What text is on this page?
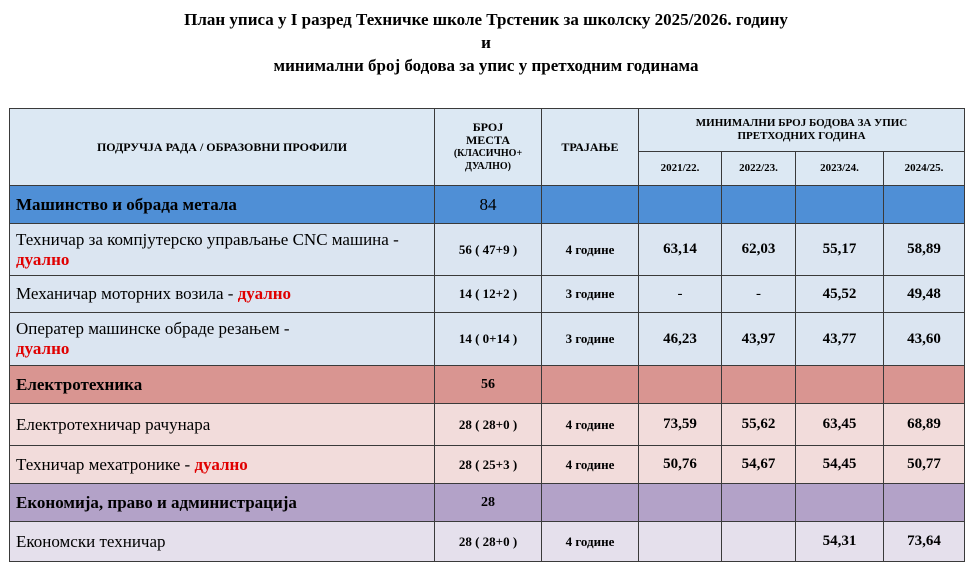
План уписа у I разред Техничке школе Трстеник за школску 2025/2026. годину
и
минимални број бодова за упис у претходним годинама
ПОДРУЧЈА РАДА / ОБРАЗОВНИ ПРОФИЛИ	БРОЈ
МЕСТА
(КЛАСИЧНО+
ДУАЛНО)	ТРАЈАЊЕ	МИНИМАЛНИ БРОЈ БОДОВА ЗА УПИС ПРЕТХОДНИХ ГОДИНА			
			2021/22.	2022/23.	2023/24.	2024/25.
Машинство и обрада метала	84					
Техничар за компјутерско управљање CNC машина - дуално	56 ( 47+9 )	4 године	63,14	62,03	55,17	58,89
Механичар моторних возила - дуално	14 ( 12+2 )	3 године	-	-	45,52	49,48
Оператер машинске обраде резањем -
дуално	14 ( 0+14 )	3 године	46,23	43,97	43,77	43,60
Електротехника	56					
Електротехничар рачунара	28 ( 28+0 )	4 године	73,59	55,62	63,45	68,89
Техничар мехатронике - дуално	28 ( 25+3 )	4 године	50,76	54,67	54,45	50,77
Економија, право и администрација	28					
Економски техничар	28 ( 28+0 )	4 године			54,31	73,64
